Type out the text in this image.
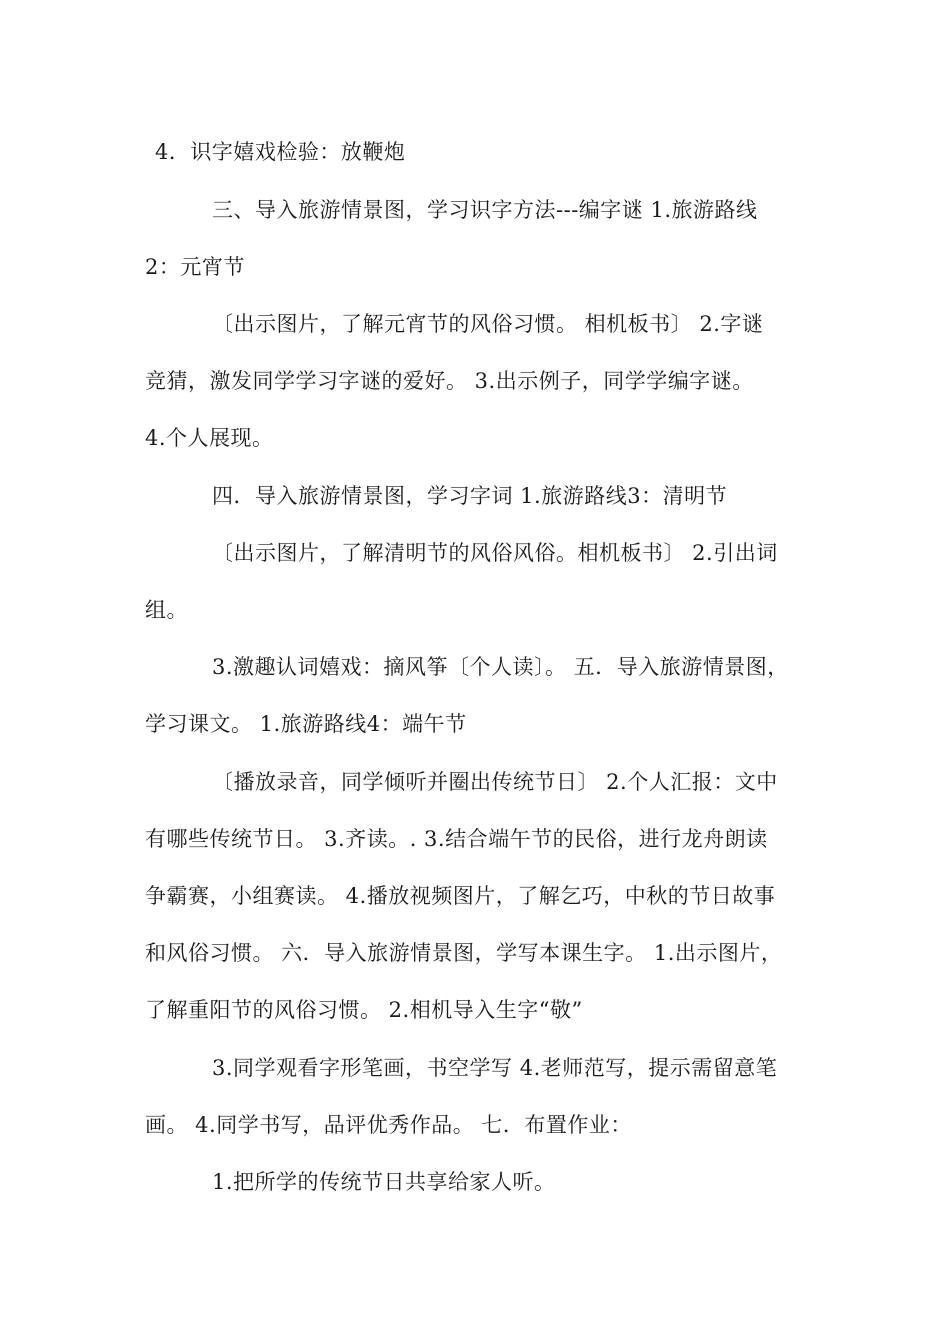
4．识字嬉戏检验：放鞭炮
三、导入旅游情景图，学习识字方法---编字谜 1.旅游路线
2：元宵节
〔出示图片，了解元宵节的风俗习惯。 相机板书〕 2.字谜
竞猜，激发同学学习字谜的爱好。 3.出示例子，同学学编字谜。
4.个人展现。
四．导入旅游情景图，学习字词 1.旅游路线3：清明节
〔出示图片，了解清明节的风俗风俗。相机板书〕 2.引出词
组。
3.激趣认词嬉戏：摘风筝〔个人读〕。 五．导入旅游情景图，
学习课文。 1.旅游路线4：端午节
〔播放录音，同学倾听并圈出传统节日〕 2.个人汇报：文中
有哪些传统节日。 3.齐读。. 3.结合端午节的民俗，进行龙舟朗读
争霸赛，小组赛读。 4.播放视频图片，了解乞巧，中秋的节日故事
和风俗习惯。 六．导入旅游情景图，学写本课生字。 1.出示图片，
了解重阳节的风俗习惯。 2.相机导入生字“敬”
3.同学观看字形笔画，书空学写 4.老师范写，提示需留意笔
画。 4.同学书写，品评优秀作品。 七．布置作业：
1.把所学的传统节日共享给家人听。
